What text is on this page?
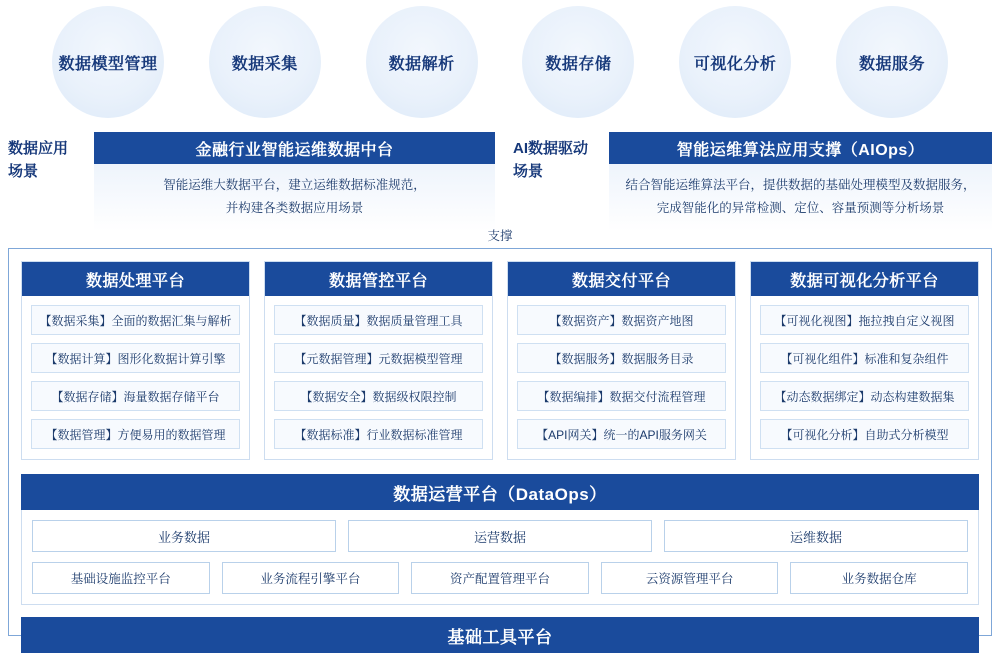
数据模型管理	数据采集	数据解析	数据存储	可视化分析	数据服务
数据应用
场景
金融行业智能运维数据中台
智能运维大数据平台，建立运维数据标准规范，
并构建各类数据应用场景
AI数据驱动
场景
智能运维算法应用支撑（AIOps）
结合智能运维算法平台，提供数据的基础处理模型及数据服务，
完成智能化的异常检测、定位、容量预测等分析场景
支撑
数据处理平台
【数据采集】全面的数据汇集与解析
【数据计算】图形化数据计算引擎
【数据存储】海量数据存储平台
【数据管理】方便易用的数据管理
数据管控平台
【数据质量】数据质量管理工具
【元数据管理】元数据模型管理
【数据安全】数据级权限控制
【数据标准】行业数据标准管理
数据交付平台
【数据资产】数据资产地图
【数据服务】数据服务目录
【数据编排】数据交付流程管理
【API网关】统一的API服务网关
数据可视化分析平台
【可视化视图】拖拉拽自定义视图
【可视化组件】标准和复杂组件
【动态数据绑定】动态构建数据集
【可视化分析】自助式分析模型
数据运营平台（DataOps）
业务数据	运营数据	运维数据
基础设施监控平台	业务流程引擎平台	资产配置管理平台	云资源管理平台	业务数据仓库
基础工具平台
